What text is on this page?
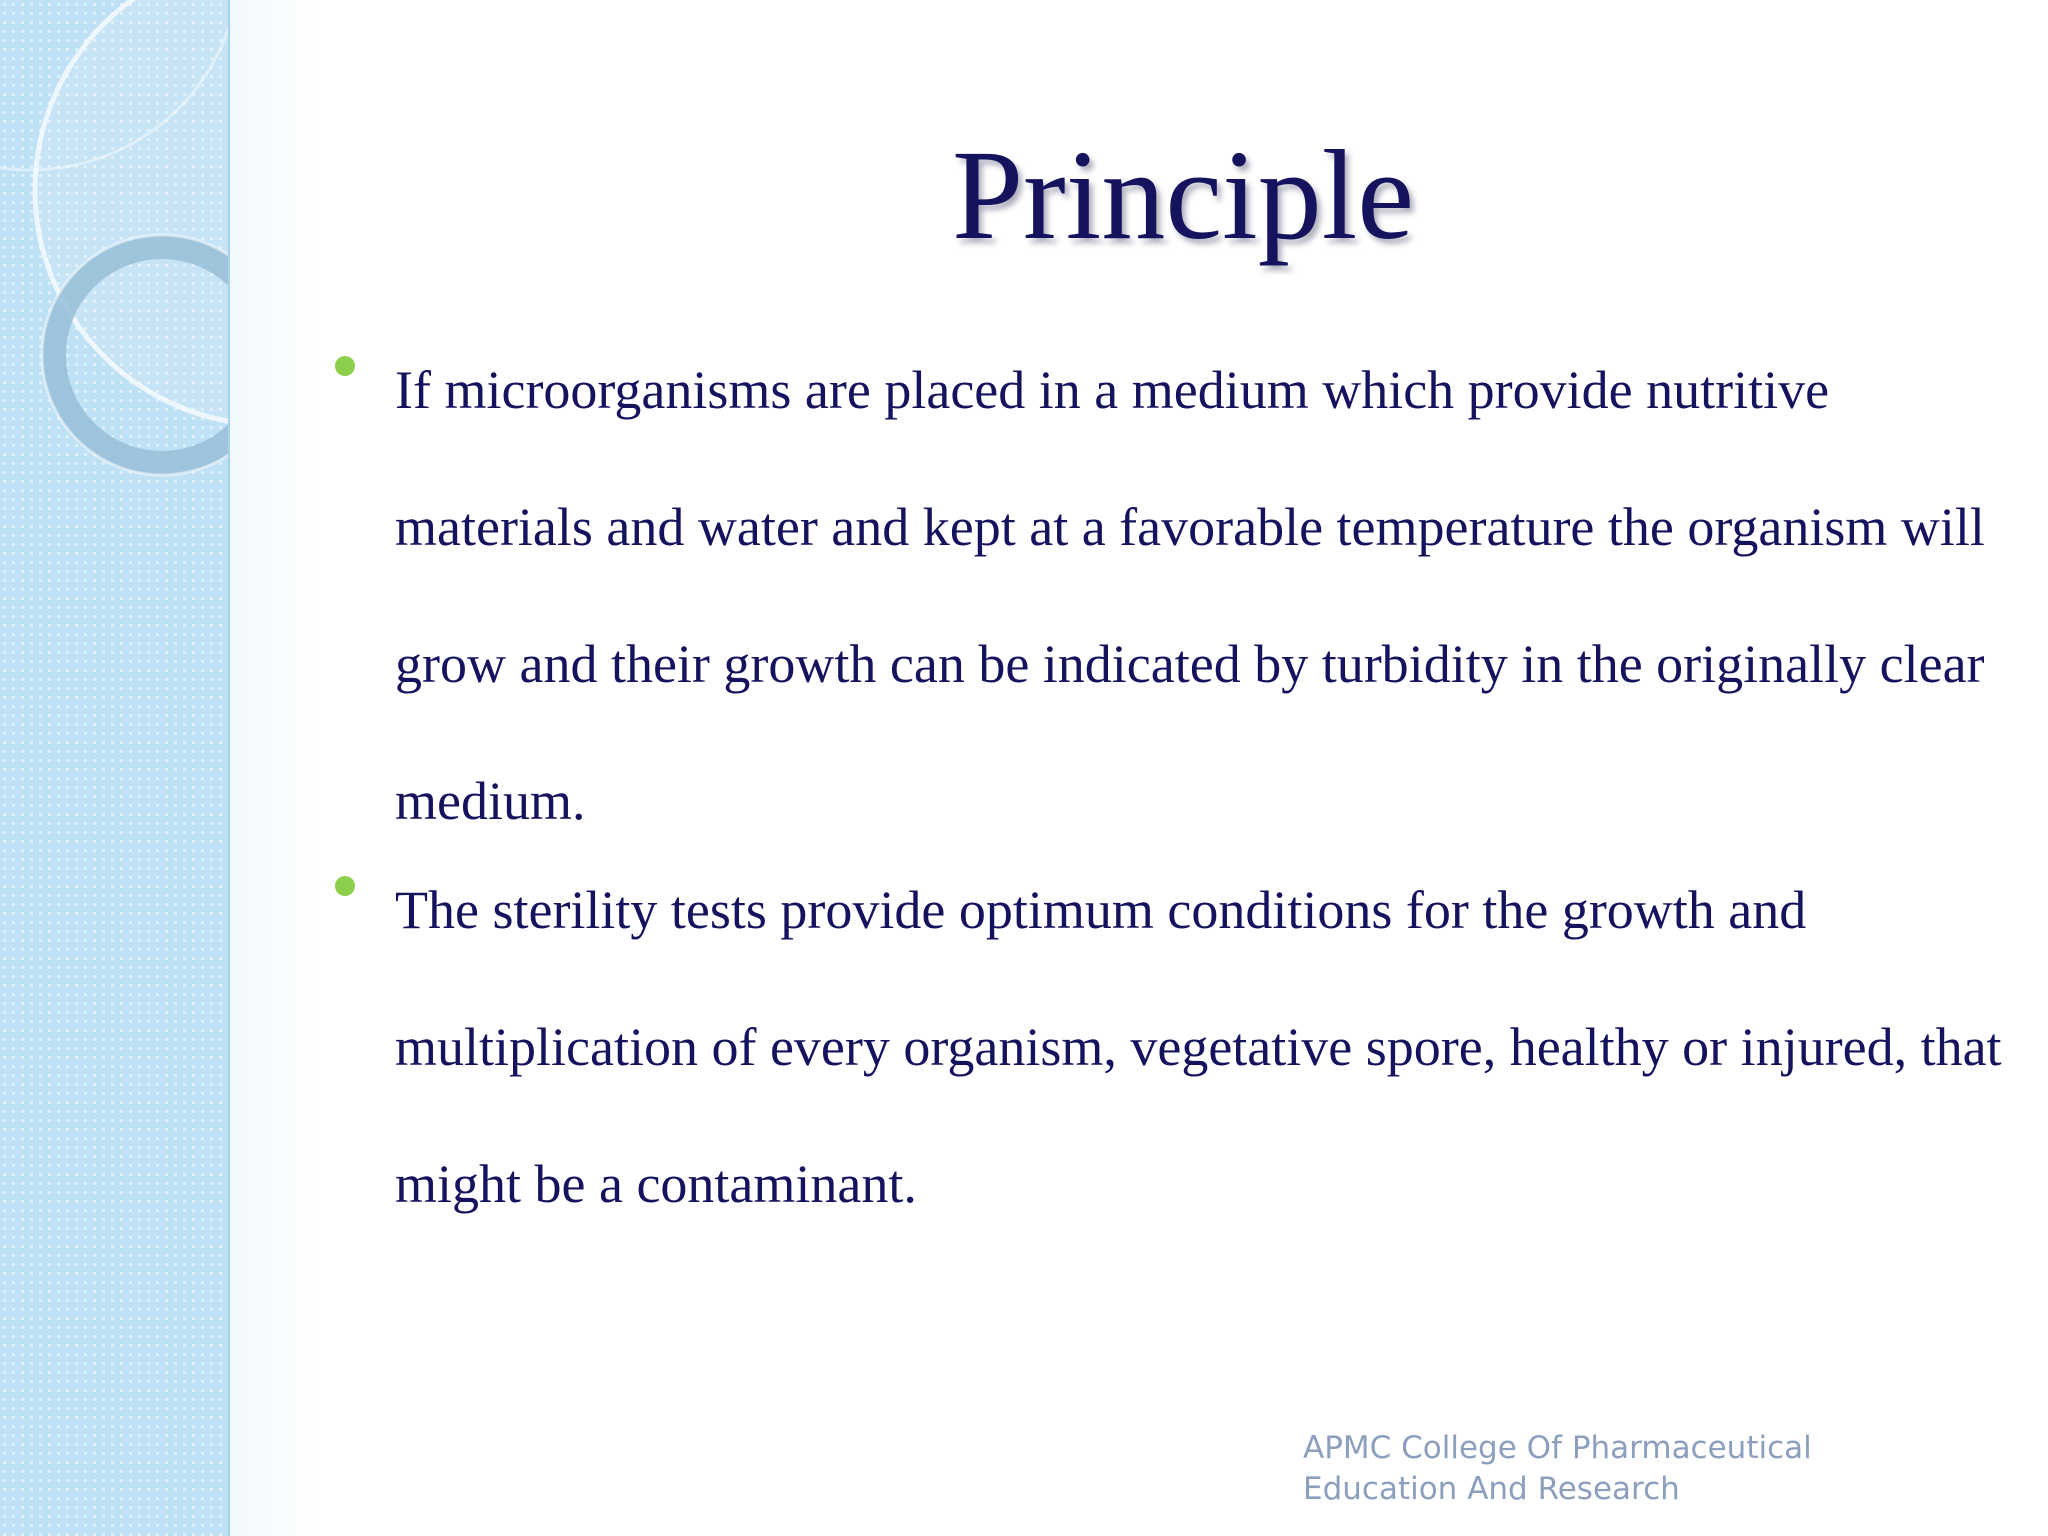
Principle
If microorganisms are placed in a medium which provide nutritive materials and water and kept at a favorable temperature the organism will grow and their growth can be indicated by turbidity in the originally clear medium.
The sterility tests provide optimum conditions for the growth and multiplication of every organism, vegetative spore, healthy or injured, that might be a contaminant.
APMC College Of Pharmaceutical
Education And Research
